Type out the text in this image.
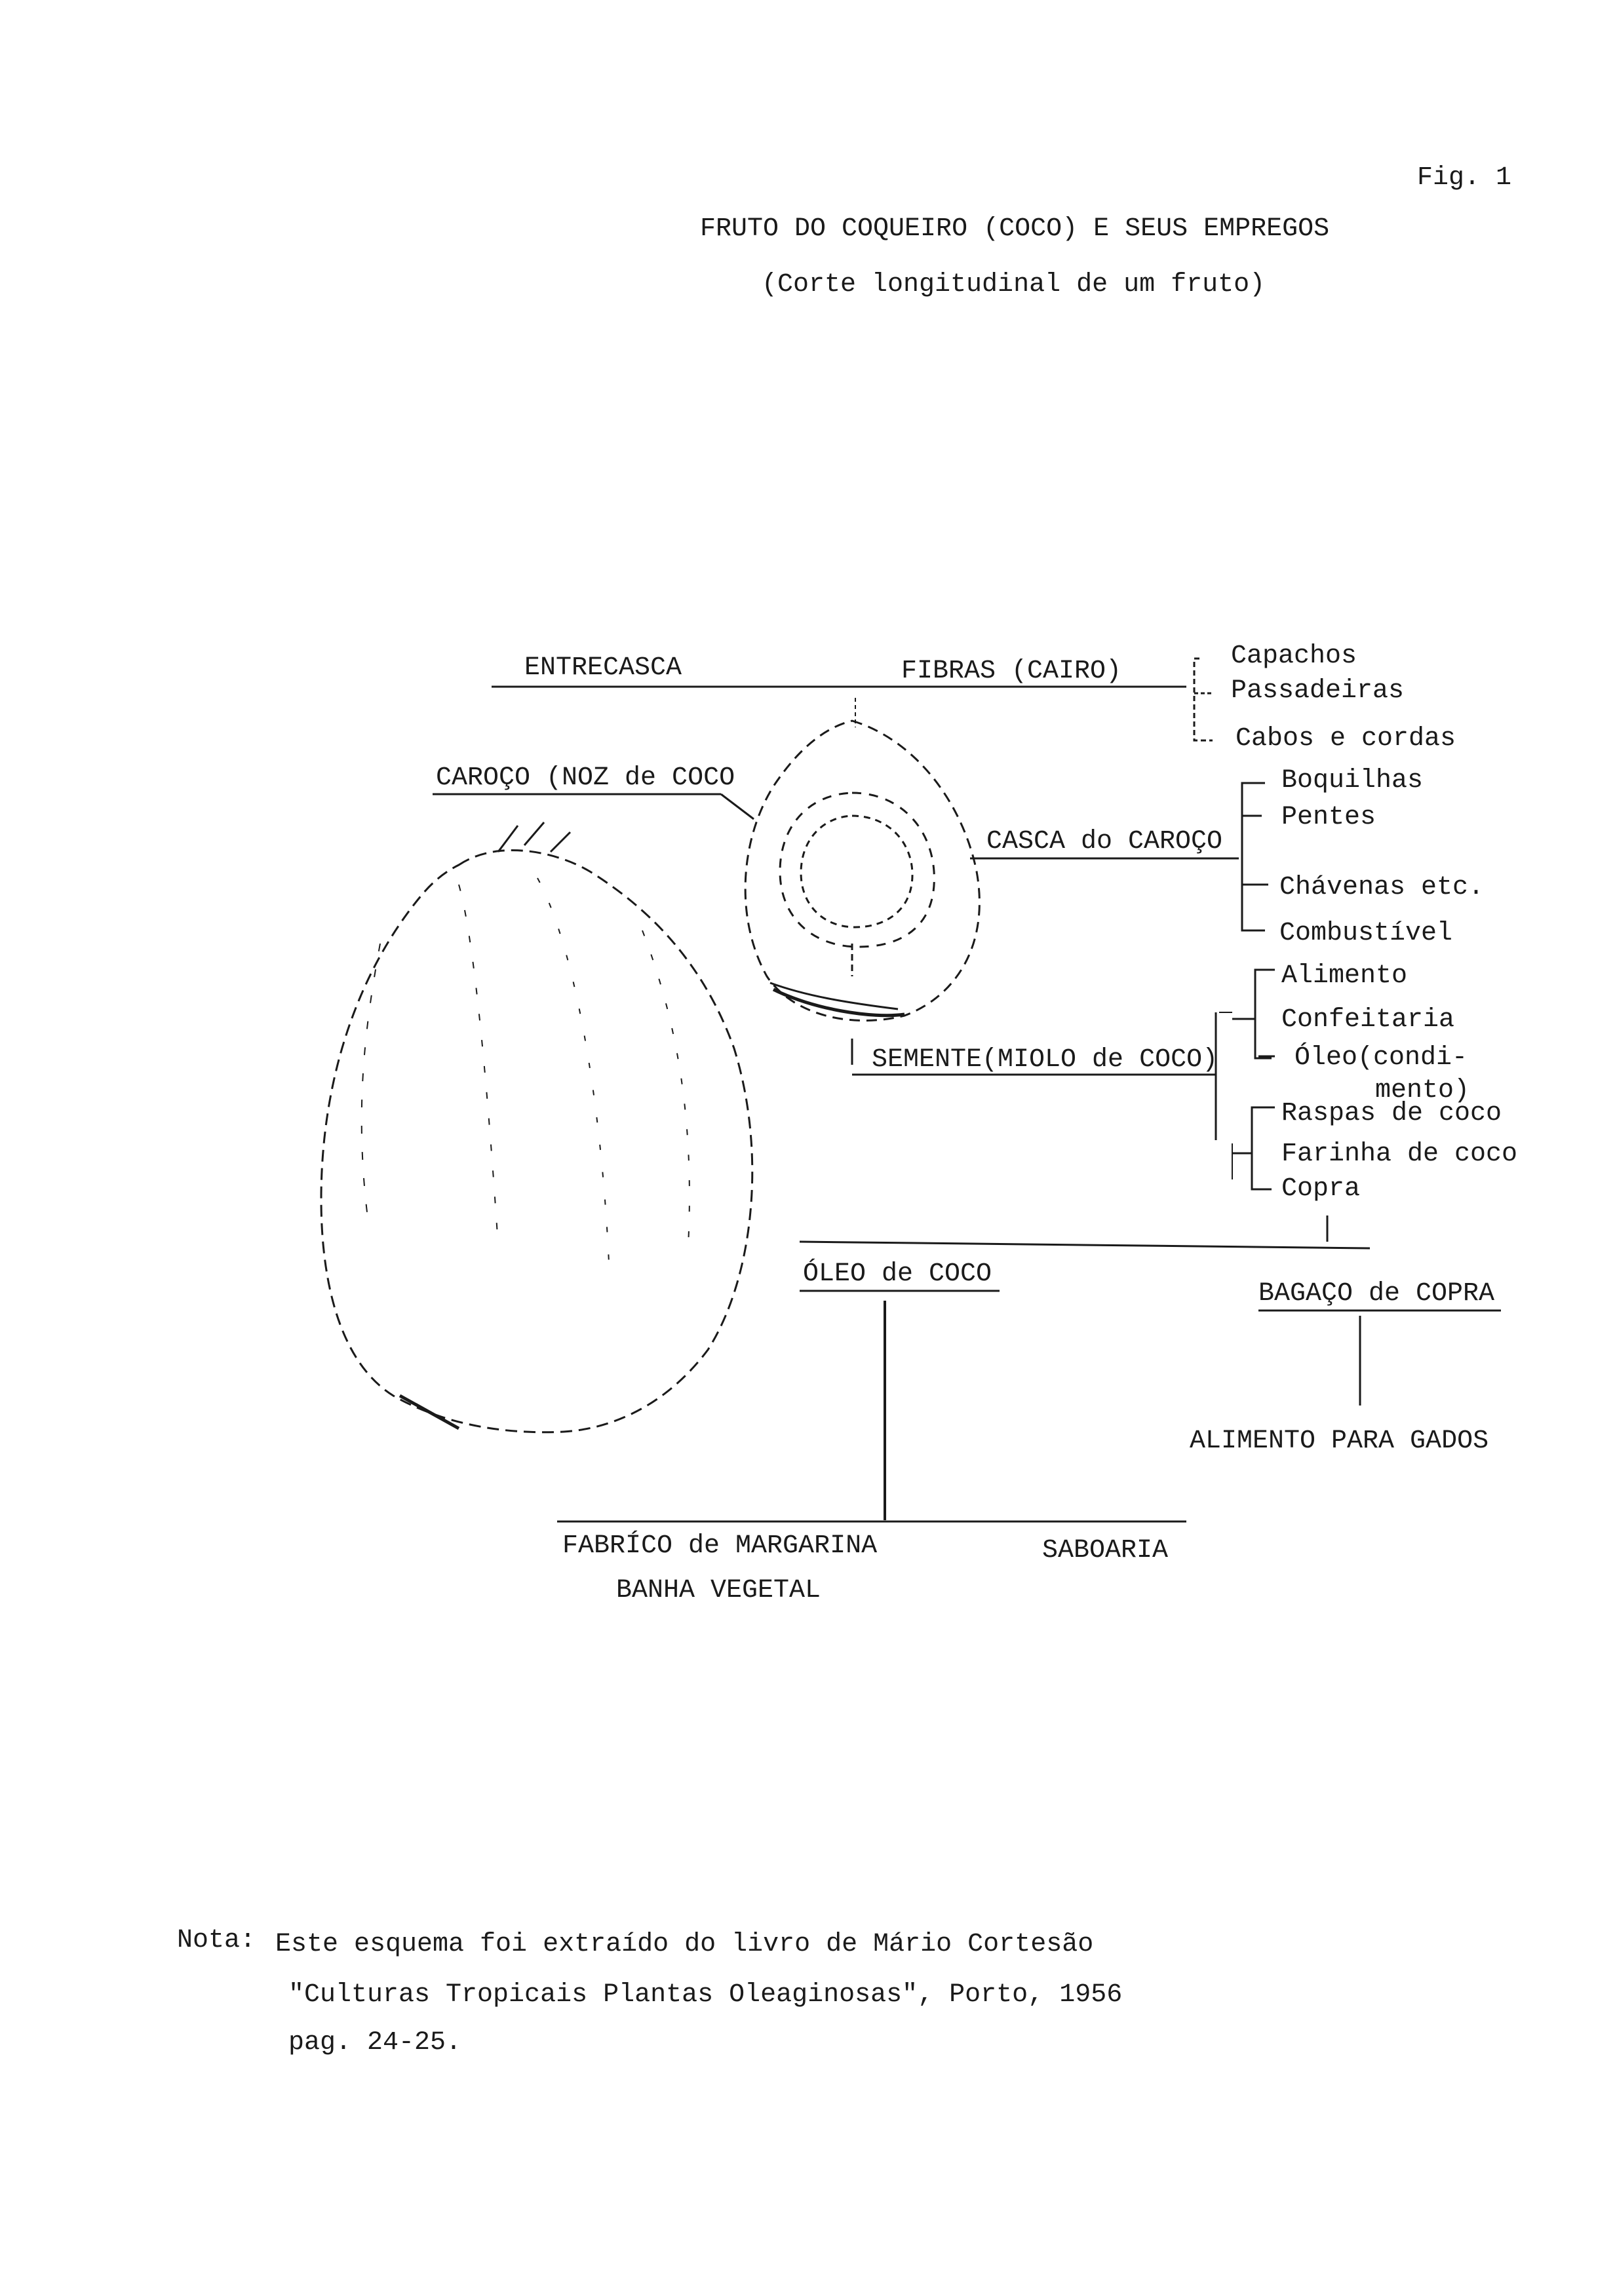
Fig. 1
FRUTO DO COQUEIRO (COCO) E SEUS EMPREGOS
(Corte longitudinal de um fruto)
ENTRECASCA	FIBRAS (CAIRO)
CAROÇO (NOZ de COCO
CASCA do CAROÇO
SEMENTE(MIOLO de COCO)
ÓLEO de COCO
BAGAÇO de COPRA
Capachos
Passadeiras
Cabos e cordas
Boquilhas
Pentes
Chávenas etc.
Combustível
Alimento
Confeitaria
Óleo(condi-
mento)
Raspas de coco
Farinha de coco
Copra
ALIMENTO PARA GADOS
FABRÍCO de MARGARINA
BANHA VEGETAL
SABOARIA
Nota: Este esquema foi extraído do livro de Mário Cortesão
"Culturas Tropicais Plantas Oleaginosas", Porto, 1956
pag. 24-25.
